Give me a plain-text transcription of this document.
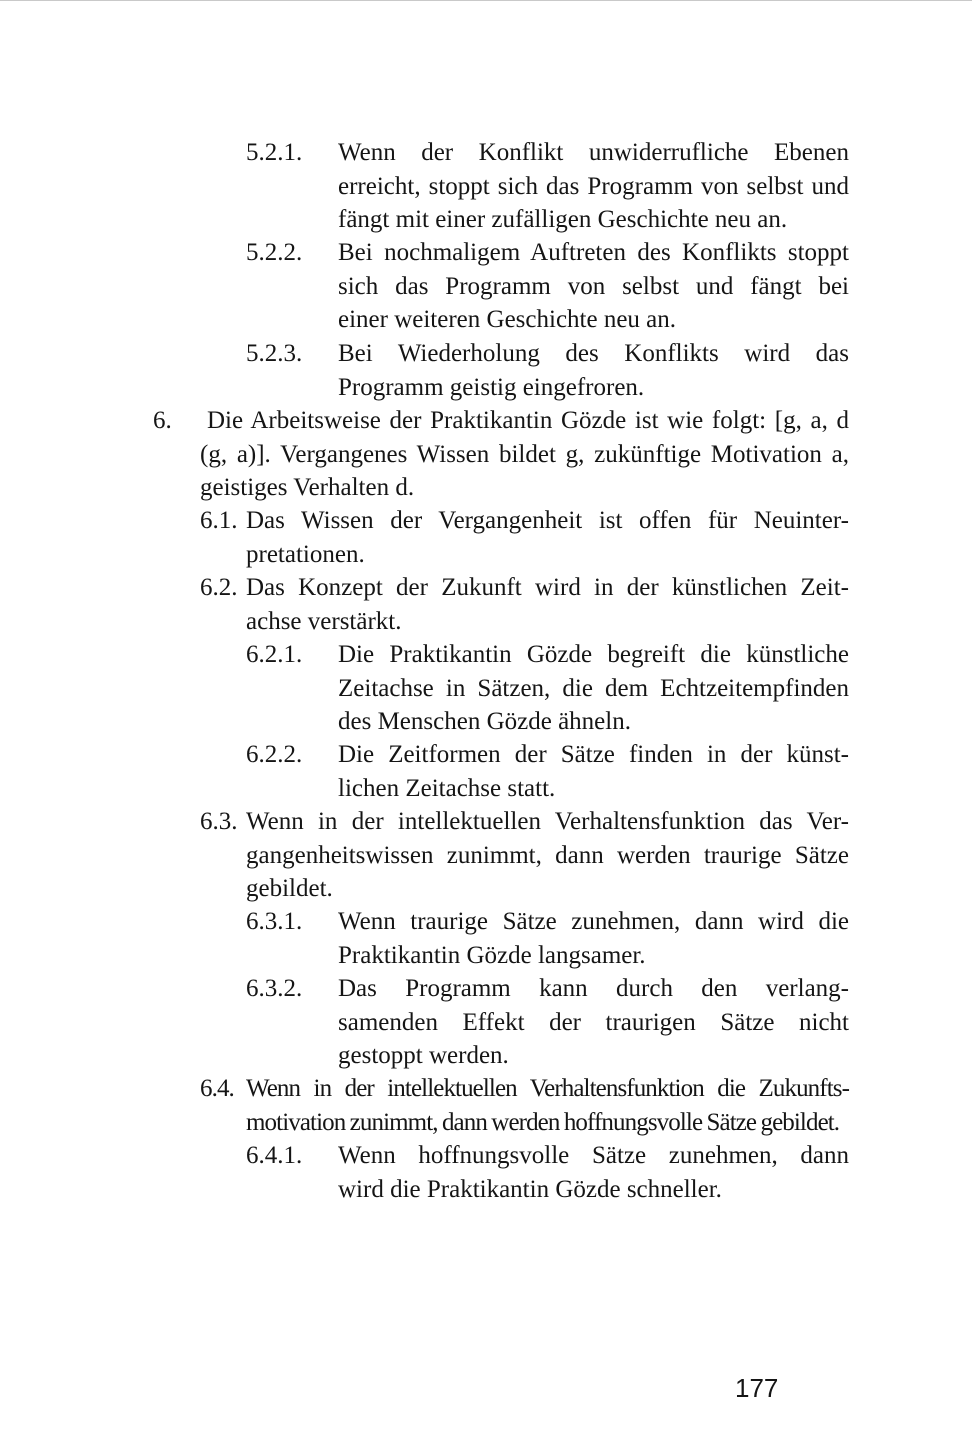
5.2.1. Wenn der Konflikt unwiderrufliche Ebenen
erreicht, stoppt sich das Programm von selbst und
fängt mit einer zufälligen Geschichte neu an.
5.2.2. Bei nochmaligem Auftreten des Konflikts stoppt
sich das Programm von selbst und fängt bei
einer weiteren Geschichte neu an.
5.2.3. Bei Wiederholung des Konflikts wird das
Programm geistig eingefroren.
6. Die Arbeitsweise der Praktikantin Gözde ist wie folgt: [g, a, d
(g, a)]. Vergangenes Wissen bildet g, zukünftige Motivation a,
geistiges Verhalten d.
6.1. Das Wissen der Vergangenheit ist offen für Neuinter-
pretationen.
6.2. Das Konzept der Zukunft wird in der künstlichen Zeit-
achse verstärkt.
6.2.1. Die Praktikantin Gözde begreift die künstliche
Zeitachse in Sätzen, die dem Echtzeitempfinden
des Menschen Gözde ähneln.
6.2.2. Die Zeitformen der Sätze finden in der künst-
lichen Zeitachse statt.
6.3. Wenn in der intellektuellen Verhaltensfunktion das Ver-
gangenheitswissen zunimmt, dann werden traurige Sätze
gebildet.
6.3.1. Wenn traurige Sätze zunehmen, dann wird die
Praktikantin Gözde langsamer.
6.3.2. Das Programm kann durch den verlang-
samenden Effekt der traurigen Sätze nicht
gestoppt werden.
6.4. Wenn in der intellektuellen Verhaltensfunktion die Zukunfts-
motivation zunimmt, dann werden hoffnungsvolle Sätze gebildet.
6.4.1. Wenn hoffnungsvolle Sätze zunehmen, dann
wird die Praktikantin Gözde schneller.
177
